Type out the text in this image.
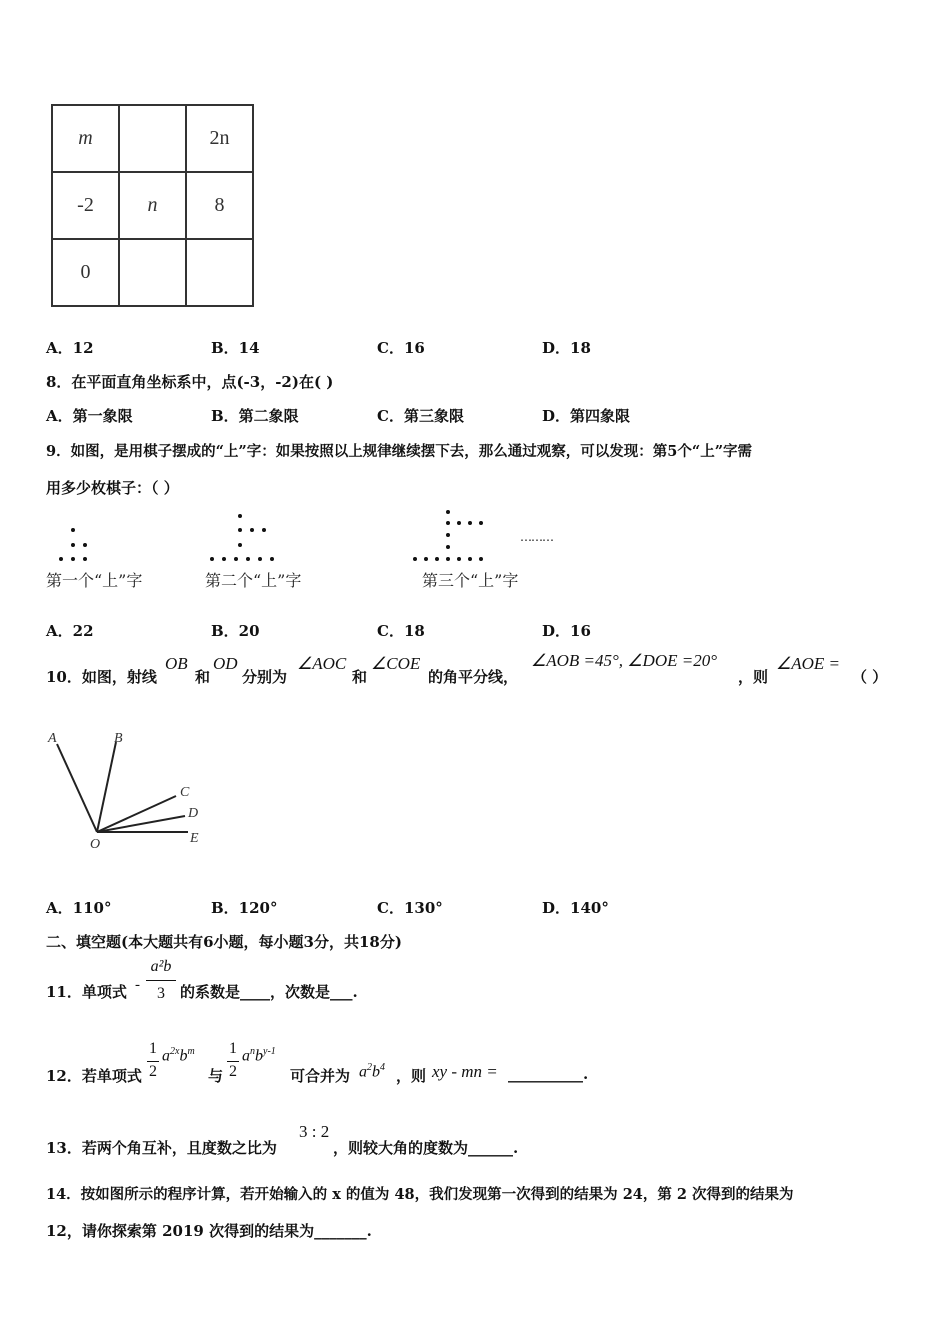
m		2n
-2	n	8
0		
A．12	B．14	C．16	D．18
8．在平面直角坐标系中，点(-3，-2)在( )
A．第一象限	B．第二象限	C．第三象限	D．第四象限
9．如图，是用棋子摆成的“上”字：如果按照以上规律继续摆下去，那么通过观察，可以发现：第5个“上”字需
用多少枚棋子：（ ）
………
第一个“上”字	第二个“上”字	第三个“上”字
A．22	B．20	C．18	D．16
10．如图，射线
OB
和
OD
分别为
∠AOC
和
∠COE
的角平分线，
∠AOB =45°, ∠DOE =20°
，则
∠AOE =
（ ）
A	B
C
D
E
O
A．110°	B．120°	C．130°	D．140°
二、填空题(本大题共有6小题，每小题3分，共18分)
11．单项式 -
a²b
3	的系数是____，次数是___.
12．若单项式
1
2
$a^{2x}b^m$
与
1
2
$a^nb^{y-1}$
可合并为 $a^2b^4$ ，则 xy - mn = __________.
13．若两个角互补，且度数之比为
3 : 2
，则较大角的度数为______.
14．按如图所示的程序计算，若开始输入的 x 的值为 48，我们发现第一次得到的结果为 24，第 2 次得到的结果为
12，请你探索第 2019 次得到的结果为_______.
